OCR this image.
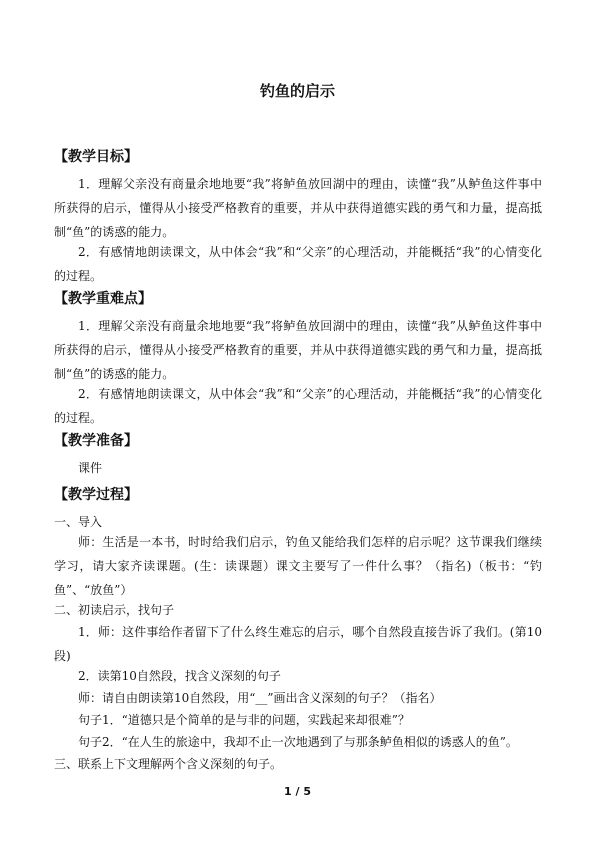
钓鱼的启示
【教学目标】

1．理解父亲没有商量余地地要“我”将鲈鱼放回湖中的理由，读懂“我”从鲈鱼这件事中所获得的启示，懂得从小接受严格教育的重要，并从中获得道德实践的勇气和力量，提高抵制“鱼”的诱惑的能力。

2．有感情地朗读课文，从中体会“我”和“父亲”的心理活动，并能概括“我”的心情变化的过程。

【教学重难点】

1．理解父亲没有商量余地地要“我”将鲈鱼放回湖中的理由，读懂“我”从鲈鱼这件事中所获得的启示，懂得从小接受严格教育的重要，并从中获得道德实践的勇气和力量，提高抵制“鱼”的诱惑的能力。

2．有感情地朗读课文，从中体会“我”和“父亲”的心理活动，并能概括“我”的心情变化的过程。

【教学准备】

课件

【教学过程】

一、导入

师：生活是一本书，时时给我们启示，钓鱼又能给我们怎样的启示呢？这节课我们继续学习，请大家齐读课题。(生：读课题）课文主要写了一件什么事？（指名)（板书：“钓鱼”、“放鱼”）

二、初读启示，找句子

1．师：这件事给作者留下了什么终生难忘的启示，哪个自然段直接告诉了我们。(第10段)

2．读第10自然段，找含义深刻的句子

师：请自由朗读第10自然段，用“__”画出含义深刻的句子？（指名）

句子1．“道德只是个简单的是与非的问题，实践起来却很难”？

句子2．“在人生的旅途中，我却不止一次地遇到了与那条鲈鱼相似的诱惑人的鱼”。

三、联系上下文理解两个含义深刻的句子。

1 / 5
